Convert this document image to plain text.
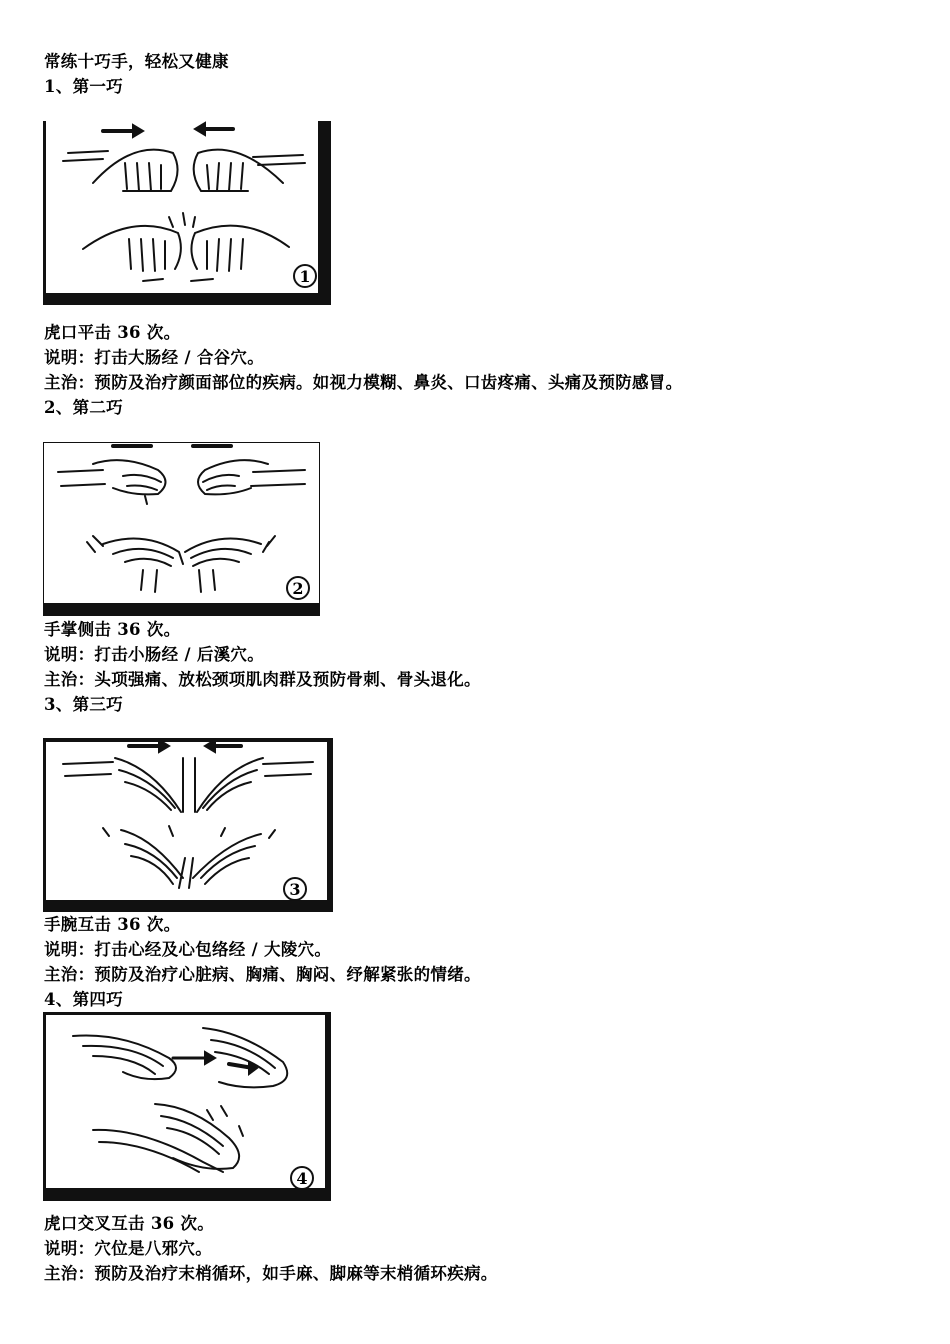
常练十巧手，轻松又健康
1、第一巧
1
虎口平击 36 次。
说明：打击大肠经 / 合谷穴。
主治：预防及治疗颜面部位的疾病。如视力模糊、鼻炎、口齿疼痛、头痛及预防感冒。
2、第二巧
2
手掌侧击 36 次。
说明：打击小肠经 / 后溪穴。
主治：头项强痛、放松颈项肌肉群及预防骨刺、骨头退化。
3、第三巧
3
手腕互击 36 次。
说明：打击心经及心包络经 / 大陵穴。
主治：预防及治疗心脏病、胸痛、胸闷、纾解紧张的情绪。
4、第四巧
4
虎口交叉互击 36 次。
说明：穴位是八邪穴。
主治：预防及治疗末梢循环，如手麻、脚麻等末梢循环疾病。
